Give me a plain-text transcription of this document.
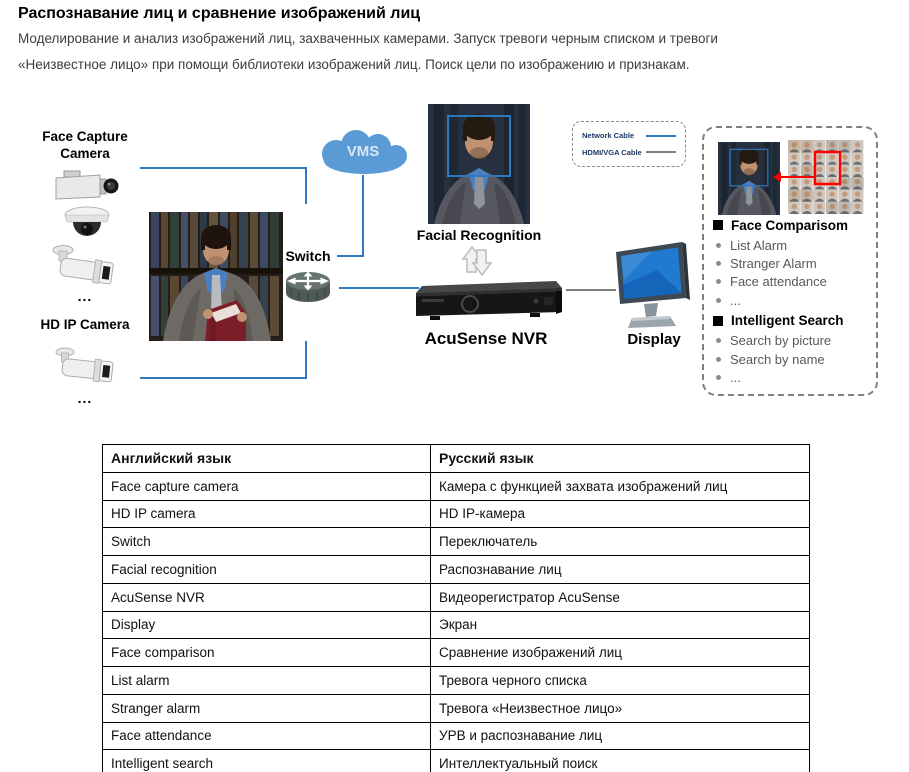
Распознавание лиц и сравнение изображений лиц
Моделирование и анализ изображений лиц, захваченных камерами. Запуск тревоги черным списком и тревоги
«Неизвестное лицо» при помощи библиотеки изображений лиц. Поиск цели по изображению и признакам.
Face Capture
Camera
...
HD IP Camera
...
VMS
Switch
Facial Recognition
AcuSense NVR	Display
Network Cable
HDMI/VGA Cable
Face Comparisom
List Alarm
Stranger Alarm
Face attendance
...
Intelligent Search
Search by picture
Search by name
...
Английский язык	Русский язык
Face capture camera	Камера с функцией захвата изображений лиц
HD IP camera	HD IP-камера
Switch	Переключатель
Facial recognition	Распознавание лиц
AcuSense NVR	Видеорегистратор AcuSense
Display	Экран
Face comparison	Сравнение изображений лиц
List alarm	Тревога черного списка
Stranger alarm	Тревога «Неизвестное лицо»
Face attendance	УРВ и распознавание лиц
Intelligent search	Интеллектуальный поиск
